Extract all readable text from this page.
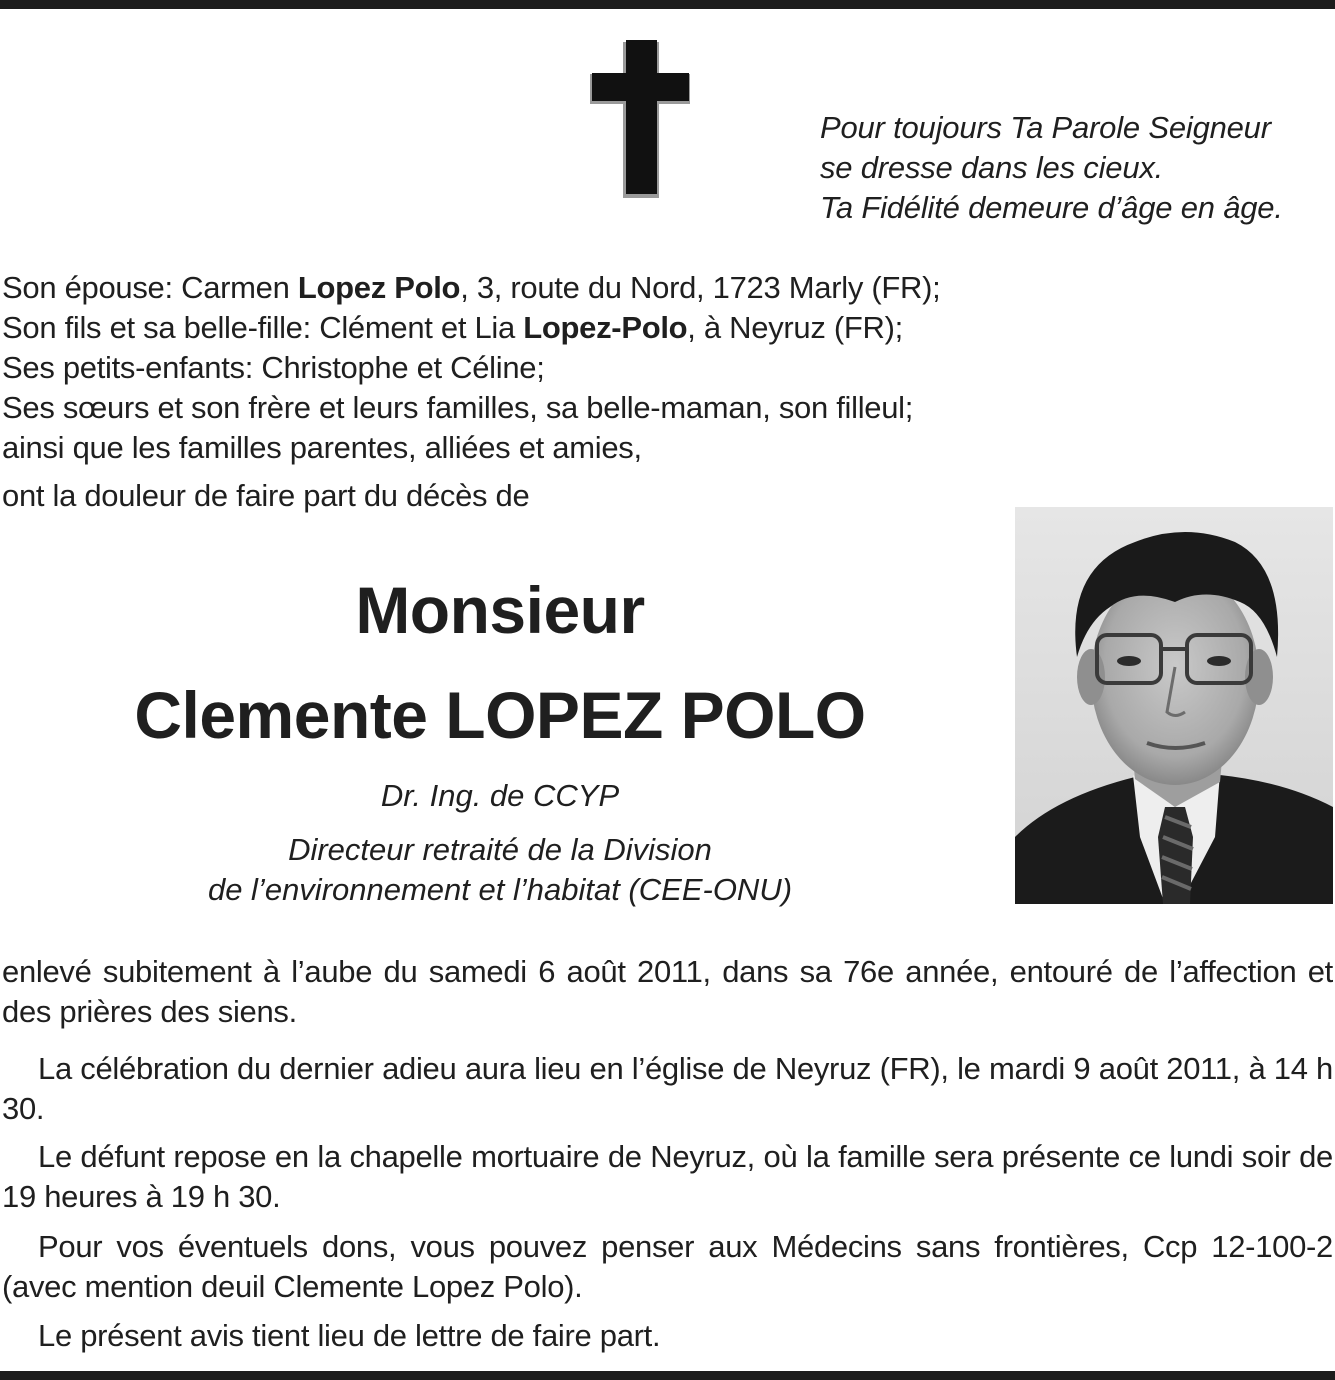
Pour toujours Ta Parole Seigneur
se dresse dans les cieux.
Ta Fidélité demeure d’âge en âge.
Son épouse: Carmen Lopez Polo, 3, route du Nord, 1723 Marly (FR);
Son fils et sa belle-fille: Clément et Lia Lopez-Polo, à Neyruz (FR);
Ses petits-enfants: Christophe et Céline;
Ses sœurs et son frère et leurs familles, sa belle-maman, son filleul;
ainsi que les familles parentes, alliées et amies,
ont la douleur de faire part du décès de
Monsieur
Clemente LOPEZ POLO
Dr. Ing. de CCYP
Directeur retraité de la Division
de l’environnement et l’habitat (CEE-ONU)
enlevé subitement à l’aube du samedi 6 août 2011, dans sa 76e année, entouré de l’affection et des prières des siens.
La célébration du dernier adieu aura lieu en l’église de Neyruz (FR), le mardi 9 août 2011, à 14 h 30.
Le défunt repose en la chapelle mortuaire de Neyruz, où la famille sera présente ce lundi soir de 19 heures à 19 h 30.
Pour vos éventuels dons, vous pouvez penser aux Médecins sans frontières, Ccp 12-100-2 (avec mention deuil Clemente Lopez Polo).
Le présent avis tient lieu de lettre de faire part.
